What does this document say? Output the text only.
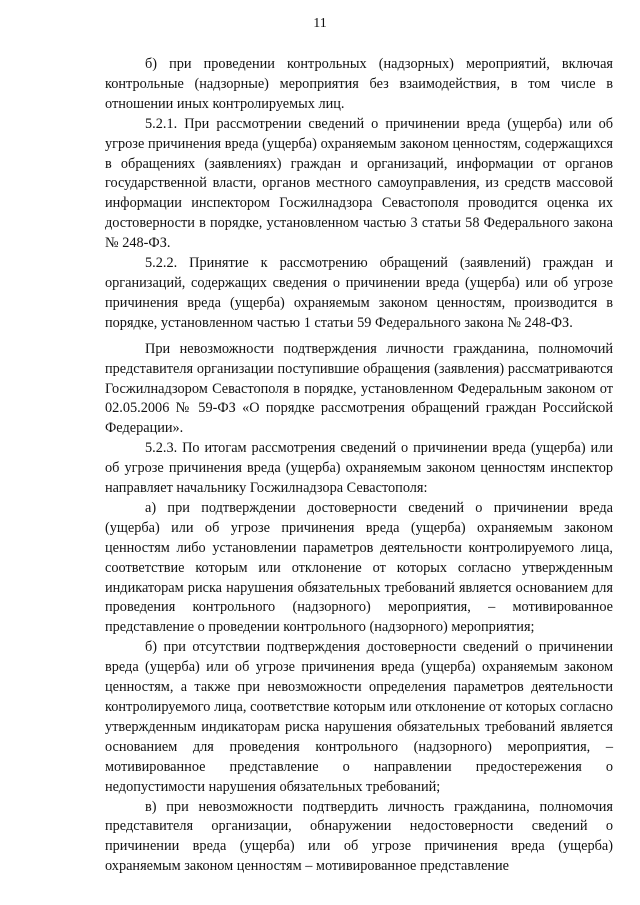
11

б) при проведении контрольных (надзорных) мероприятий, включая контрольные (надзорные) мероприятия без взаимодействия, в том числе в отношении иных контролируемых лиц.

5.2.1. При рассмотрении сведений о причинении вреда (ущерба) или об угрозе причинения вреда (ущерба) охраняемым законом ценностям, содержащихся в обращениях (заявлениях) граждан и организаций, информации от органов государственной власти, органов местного самоуправления, из средств массовой информации инспектором Госжилнадзора Севастополя проводится оценка их достоверности в порядке, установленном частью 3 статьи 58 Федерального закона № 248-ФЗ.

5.2.2. Принятие к рассмотрению обращений (заявлений) граждан и организаций, содержащих сведения о причинении вреда (ущерба) или об угрозе причинения вреда (ущерба) охраняемым законом ценностям, производится в порядке, установленном частью 1 статьи 59 Федерального закона № 248-ФЗ.

При невозможности подтверждения личности гражданина, полномочий представителя организации поступившие обращения (заявления) рассматриваются Госжилнадзором Севастополя в порядке, установленном Федеральным законом от 02.05.2006 № 59-ФЗ «О порядке рассмотрения обращений граждан Российской Федерации».

5.2.3. По итогам рассмотрения сведений о причинении вреда (ущерба) или об угрозе причинения вреда (ущерба) охраняемым законом ценностям инспектор направляет начальнику Госжилнадзора Севастополя:

а) при подтверждении достоверности сведений о причинении вреда (ущерба) или об угрозе причинения вреда (ущерба) охраняемым законом ценностям либо установлении параметров деятельности контролируемого лица, соответствие которым или отклонение от которых согласно утвержденным индикаторам риска нарушения обязательных требований является основанием для проведения контрольного (надзорного) мероприятия, – мотивированное представление о проведении контрольного (надзорного) мероприятия;

б) при отсутствии подтверждения достоверности сведений о причинении вреда (ущерба) или об угрозе причинения вреда (ущерба) охраняемым законом ценностям, а также при невозможности определения параметров деятельности контролируемого лица, соответствие которым или отклонение от которых согласно утвержденным индикаторам риска нарушения обязательных требований является основанием для проведения контрольного (надзорного) мероприятия, – мотивированное представление о направлении предостережения о недопустимости нарушения обязательных требований;

в) при невозможности подтвердить личность гражданина, полномочия представителя организации, обнаружении недостоверности сведений о причинении вреда (ущерба) или об угрозе причинения вреда (ущерба) охраняемым законом ценностям – мотивированное представление
